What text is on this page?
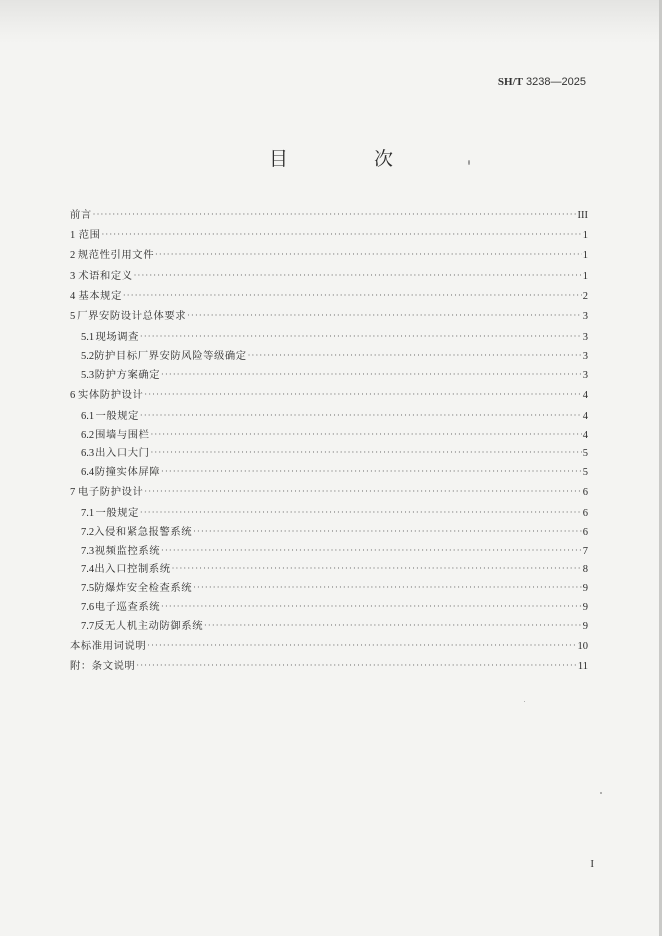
SH/T 3238—2025
目 次
前言 ·····	III
1 范围 ·····	1
2 规范性引用文件 ·····	1
3 术语和定义 ·····	1
4 基本规定 ·····	2
5 厂界安防设计总体要求 ·····	3
5.1 现场调查 ·····	3
5.2 防护目标厂界安防风险等级确定 ·····	3
5.3 防护方案确定 ·····	3
6 实体防护设计 ·····	4
6.1 一般规定 ·····	4
6.2 围墙与围栏 ·····	4
6.3 出入口大门 ·····	5
6.4 防撞实体屏障 ·····	5
7 电子防护设计 ·····	6
7.1 一般规定 ·····	6
7.2 入侵和紧急报警系统 ·····	6
7.3 视频监控系统 ·····	7
7.4 出入口控制系统 ·····	8
7.5 防爆炸安全检查系统 ·····	9
7.6 电子巡查系统 ·····	9
7.7 反无人机主动防御系统 ·····	9
本标准用词说明 ·····	10
附：条文说明 ·····	11
I
